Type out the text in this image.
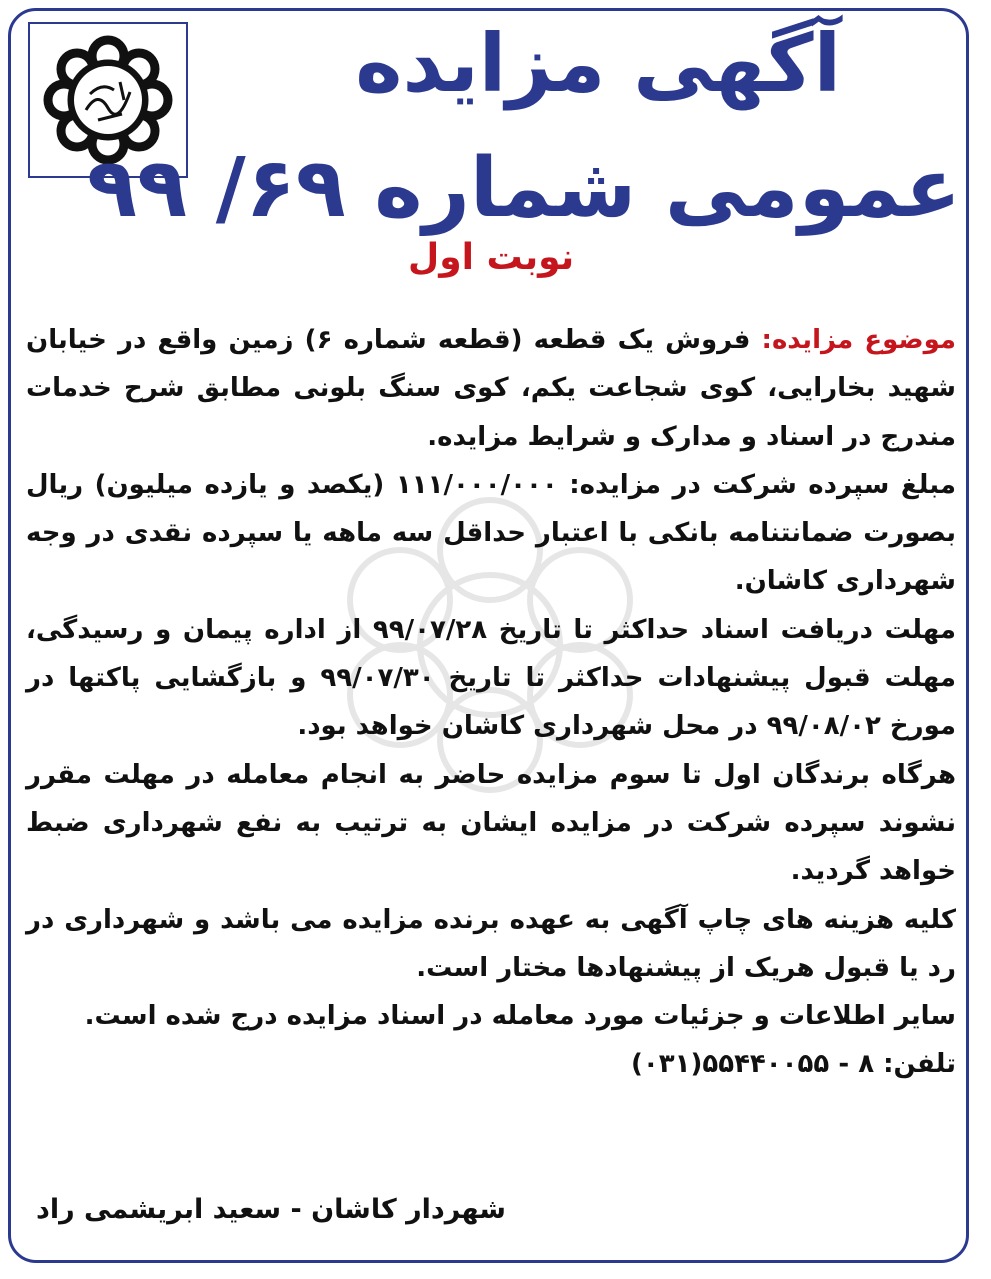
آگهی مزایده
عمومی شماره ۶۹/ ۹۹
نوبت اول

موضوع مزایده: فروش یک قطعه (قطعه شماره ۶) زمین واقع در خیابان شهید بخارایی، کوی شجاعت یکم، کوی سنگ بلونی مطابق شرح خدمات مندرج در اسناد و مدارک و شرایط مزایده.

مبلغ سپرده شرکت در مزایده: ۱۱۱/۰۰۰/۰۰۰ (یکصد و یازده میلیون) ریال بصورت ضمانتنامه بانکی با اعتبار حداقل سه ماهه یا سپرده نقدی در وجه شهرداری کاشان.

مهلت دریافت اسناد حداکثر تا تاریخ ۹۹/۰۷/۲۸ از اداره پیمان و رسیدگی، مهلت قبول پیشنهادات حداکثر تا تاریخ ۹۹/۰۷/۳۰ و بازگشایی پاکتها در مورخ ۹۹/۰۸/۰۲ در محل شهرداری کاشان خواهد بود.

هرگاه برندگان اول تا سوم مزایده حاضر به انجام معامله در مهلت مقرر نشوند سپرده شرکت در مزایده ایشان به ترتیب به نفع شهرداری ضبط خواهد گردید.

کلیه هزینه های چاپ آگهی به عهده برنده مزایده می باشد و شهرداری در رد یا قبول هریک از پیشنهادها مختار است.

سایر اطلاعات و جزئیات مورد معامله در اسناد مزایده درج شده است.

تلفن: ۸ - ۵۵۴۴۰۰۵۵(۰۳۱)

شهردار کاشان - سعید ابریشمی راد
